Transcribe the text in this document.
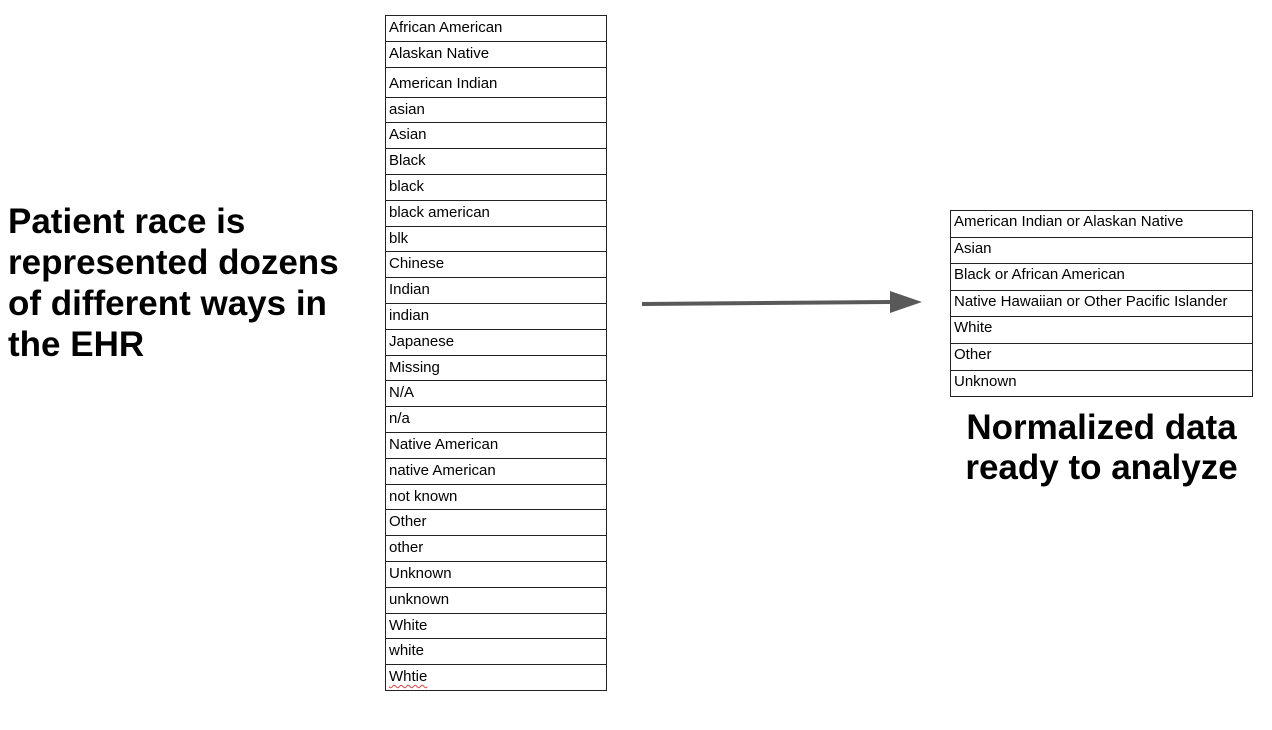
Patient race is represented dozens of different ways in the EHR
African American
Alaskan Native
American Indian
asian
Asian
Black
black
black american
blk
Chinese
Indian
indian
Japanese
Missing
N/A
n/a
Native American
native American
not known
Other
other
Unknown
unknown
White
white
Whtie
American Indian or Alaskan Native
Asian
Black or African American
Native Hawaiian or Other Pacific Islander
White
Other
Unknown
Normalized data ready to analyze
